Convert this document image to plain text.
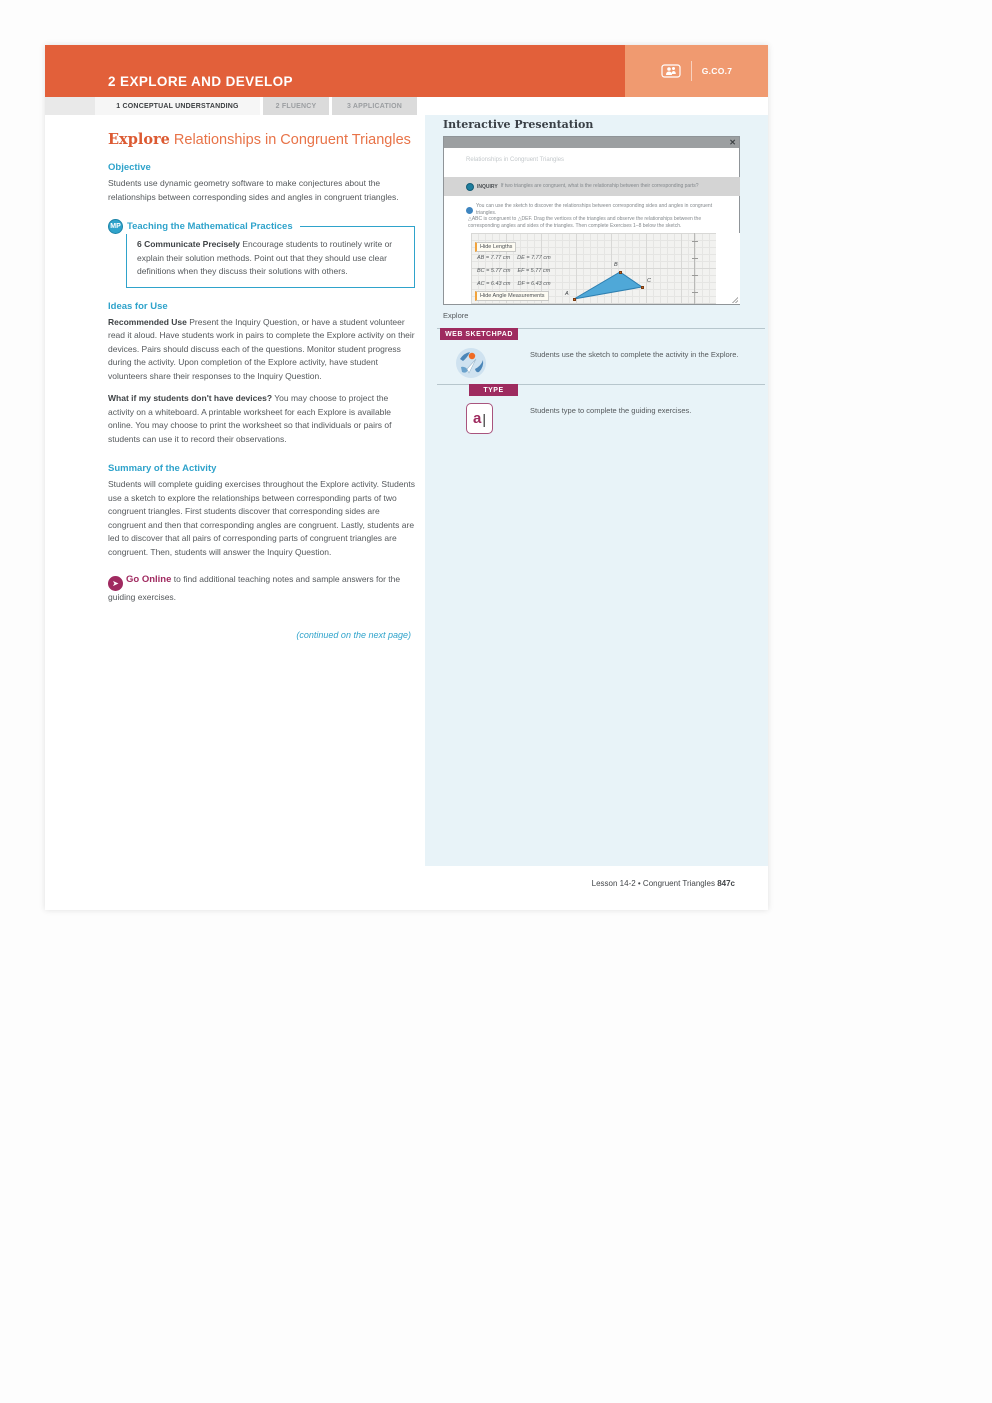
2 EXPLORE AND DEVELOP
G.CO.7
1 CONCEPTUAL UNDERSTANDING	2 FLUENCY	3 APPLICATION
Explore Relationships in Congruent Triangles
Objective

Students use dynamic geometry software to make conjectures about the relationships between corresponding sides and angles in congruent triangles.

MP Teaching the Mathematical Practices

6 Communicate Precisely Encourage students to routinely write or explain their solution methods. Point out that they should use clear definitions when they discuss their solutions with others.

Ideas for Use

Recommended Use Present the Inquiry Question, or have a student volunteer read it aloud. Have students work in pairs to complete the Explore activity on their devices. Pairs should discuss each of the questions. Monitor student progress during the activity. Upon completion of the Explore activity, have student volunteers share their responses to the Inquiry Question.

What if my students don't have devices? You may choose to project the activity on a whiteboard. A printable worksheet for each Explore is available online. You may choose to print the worksheet so that individuals or pairs of students can use it to record their observations.

Summary of the Activity

Students will complete guiding exercises throughout the Explore activity. Students use a sketch to explore the relationships between corresponding parts of two congruent triangles. First students discover that corresponding sides are congruent and then that corresponding angles are congruent. Lastly, students are led to discover that all pairs of corresponding parts of congruent triangles are congruent. Then, students will answer the Inquiry Question.

➤ Go Online to find additional teaching notes and sample answers for the guiding exercises.

(continued on the next page)
Interactive Presentation
✕
Relationships in Congruent Triangles
INQUIRY If two triangles are congruent, what is the relationship between their corresponding parts?
You can use the sketch to discover the relationships between corresponding sides and angles in congruent triangles.
△ABC is congruent to △DEF. Drag the vertices of the triangles and observe the relationships between the corresponding angles and sides of the triangles. Then complete Exercises 1–8 below the sketch.
Hide Lengths
AB = 7.77 cm DE = 7.77 cm
BC = 5.77 cm EF = 5.77 cm
AC = 6.43 cm DF = 6.43 cm
Hide Angle Measurements	A
B
C
Explore
WEB SKETCHPAD
Students use the sketch to complete the activity in the Explore.
TYPE
a |	Students type to complete the guiding exercises.
Lesson 14-2 • Congruent Triangles 847c
